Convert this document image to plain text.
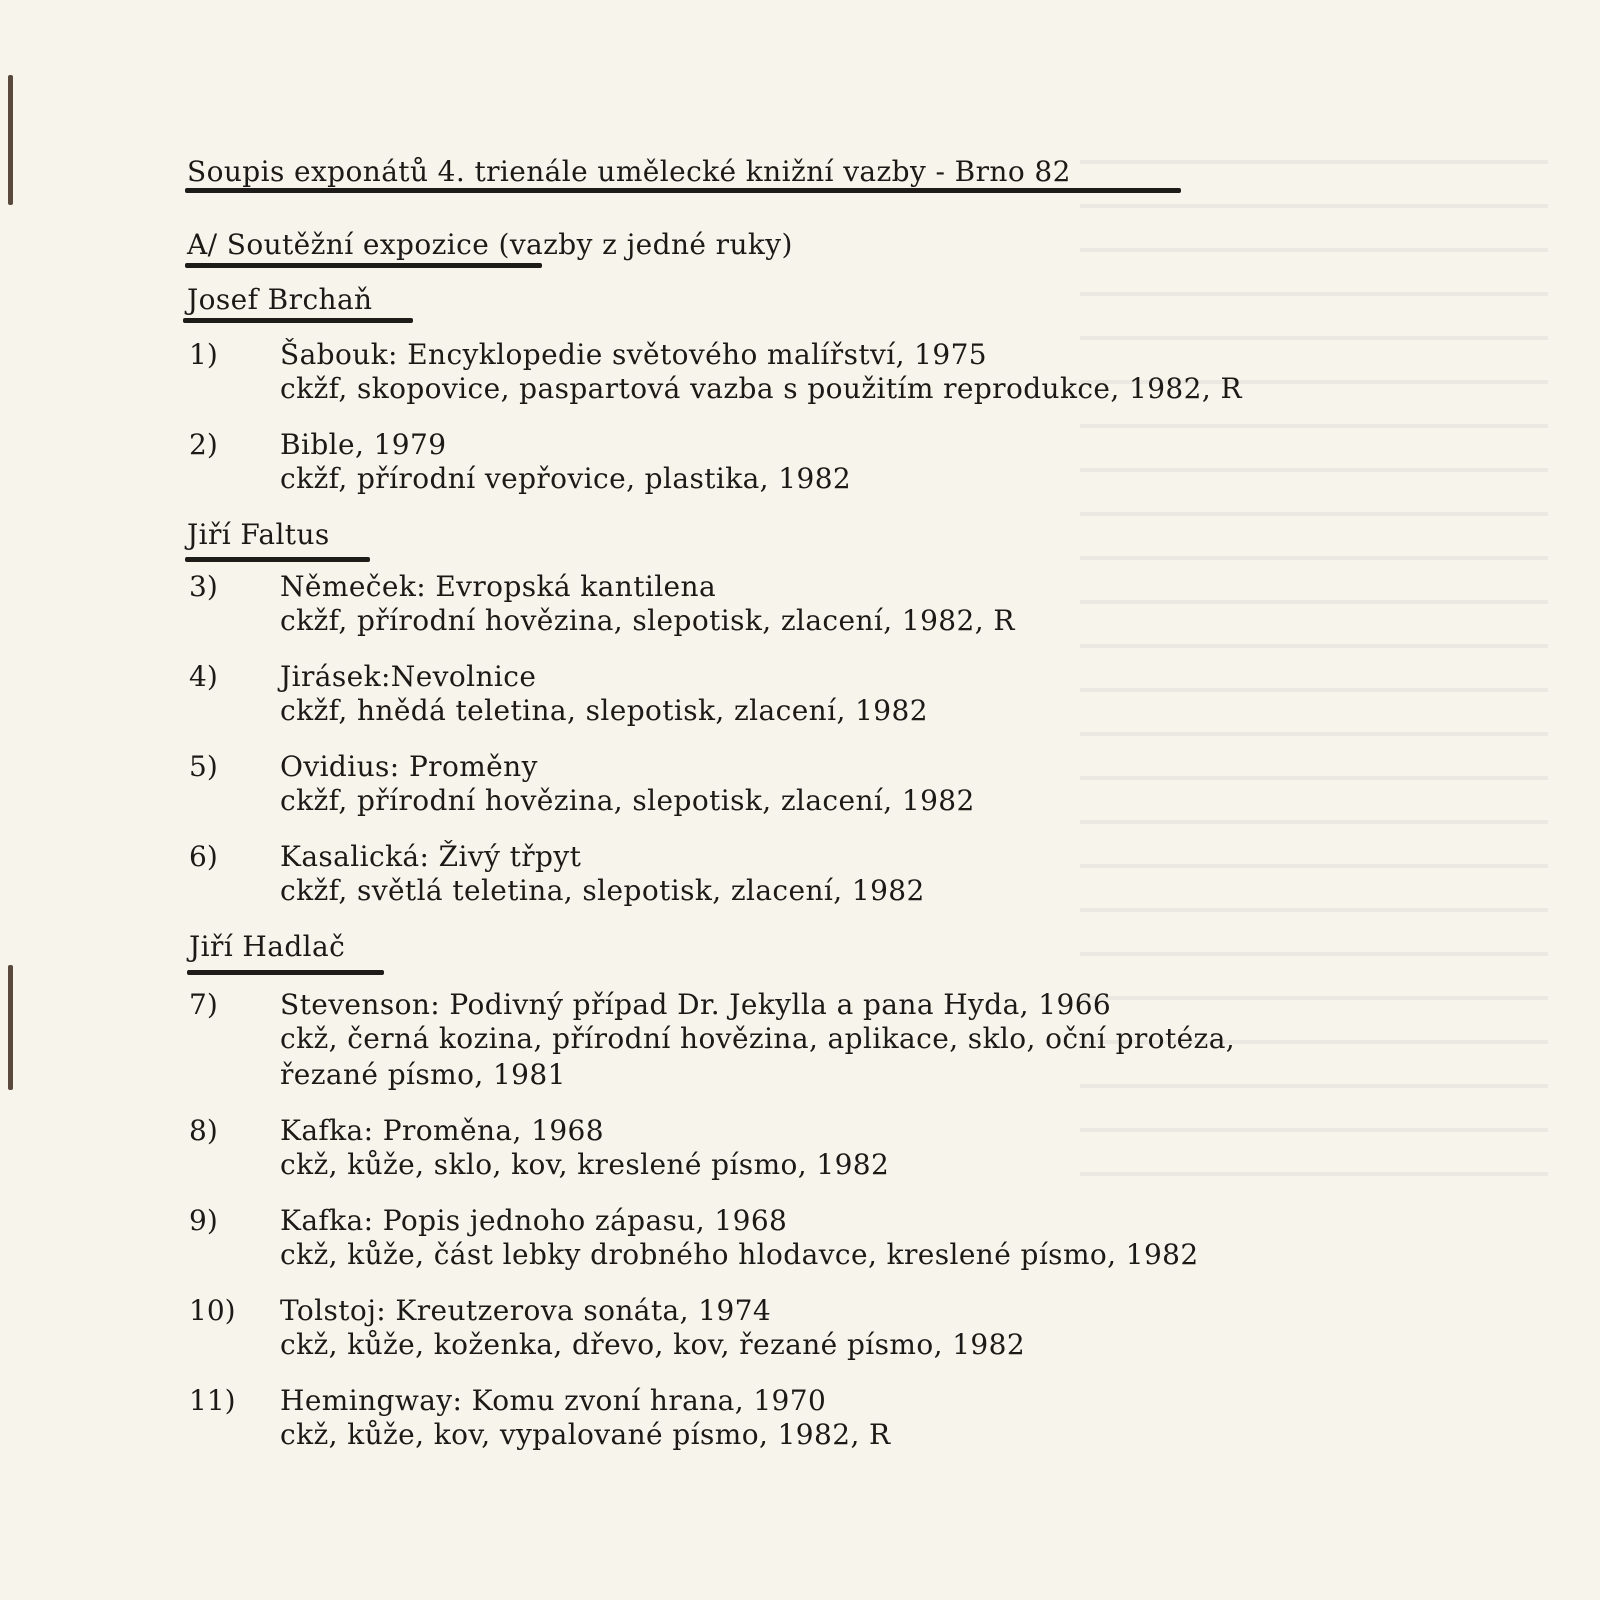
Soupis exponátů 4. trienále umělecké knižní vazby - Brno 82
A/ Soutěžní expozice (vazby z jedné ruky)
Josef Brchaň
1) Šabouk: Encyklopedie světového malířství, 1975
ckžf, skopovice, paspartová vazba s použitím reprodukce, 1982, R
2) Bible, 1979
ckžf, přírodní vepřovice, plastika, 1982
Jiří Faltus
3) Němeček: Evropská kantilena
ckžf, přírodní hovězina, slepotisk, zlacení, 1982, R
4) Jirásek:Nevolnice
ckžf, hnědá teletina, slepotisk, zlacení, 1982
5) Ovidius: Proměny
ckžf, přírodní hovězina, slepotisk, zlacení, 1982
6) Kasalická: Živý třpyt
ckžf, světlá teletina, slepotisk, zlacení, 1982
Jiří Hadlač
7) Stevenson: Podivný případ Dr. Jekylla a pana Hyda, 1966
ckž, černá kozina, přírodní hovězina, aplikace, sklo, oční protéza,
řezané písmo, 1981
8) Kafka: Proměna, 1968
ckž, kůže, sklo, kov, kreslené písmo, 1982
9) Kafka: Popis jednoho zápasu, 1968
ckž, kůže, část lebky drobného hlodavce, kreslené písmo, 1982
10) Tolstoj: Kreutzerova sonáta, 1974
ckž, kůže, koženka, dřevo, kov, řezané písmo, 1982
11) Hemingway: Komu zvoní hrana, 1970
ckž, kůže, kov, vypalované písmo, 1982, R
